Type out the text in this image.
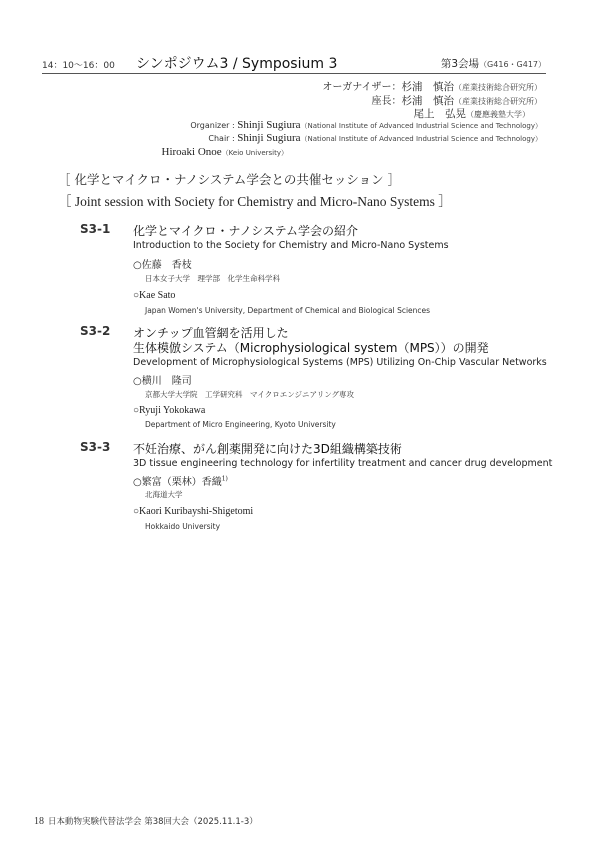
14：10～16：00 シンポジウム3 / Symposium 3	第3会場（G416・G417）
オーガナイザー：杉浦　慎治（産業技術総合研究所）
座長：杉浦　慎治（産業技術総合研究所）
尾上　弘晃（慶應義塾大学）
Organizer : Shinji Sugiura（National Institute of Advanced Industrial Science and Technology）
Chair : Shinji Sugiura（National Institute of Advanced Industrial Science and Technology）
Hiroaki Onoe（Keio University）
［ 化学とマイクロ・ナノシステム学会との共催セッション ］
［ Joint session with Society for Chemistry and Micro-Nano Systems ］
S3-1 化学とマイクロ・ナノシステム学会の紹介
Introduction to the Society for Chemistry and Micro-Nano Systems
○佐藤　香枝
日本女子大学　理学部　化学生命科学科
○Kae Sato
Japan Women's University, Department of Chemical and Biological Sciences
S3-2 オンチップ血管網を活用した
生体模倣システム（Microphysiological system（MPS））の開発
Development of Microphysiological Systems (MPS) Utilizing On-Chip Vascular Networks
○横川　隆司
京都大学大学院　工学研究科　マイクロエンジニアリング専攻
○Ryuji Yokokawa
Department of Micro Engineering, Kyoto University
S3-3 不妊治療、がん創薬開発に向けた3D組織構築技術
3D tissue engineering technology for infertility treatment and cancer drug development
○繁富（栗林）香織$^{1)}$
北海道大学
○Kaori Kuribayshi-Shigetomi
Hokkaido University
18 日本動物実験代替法学会 第38回大会（2025.11.1-3）
